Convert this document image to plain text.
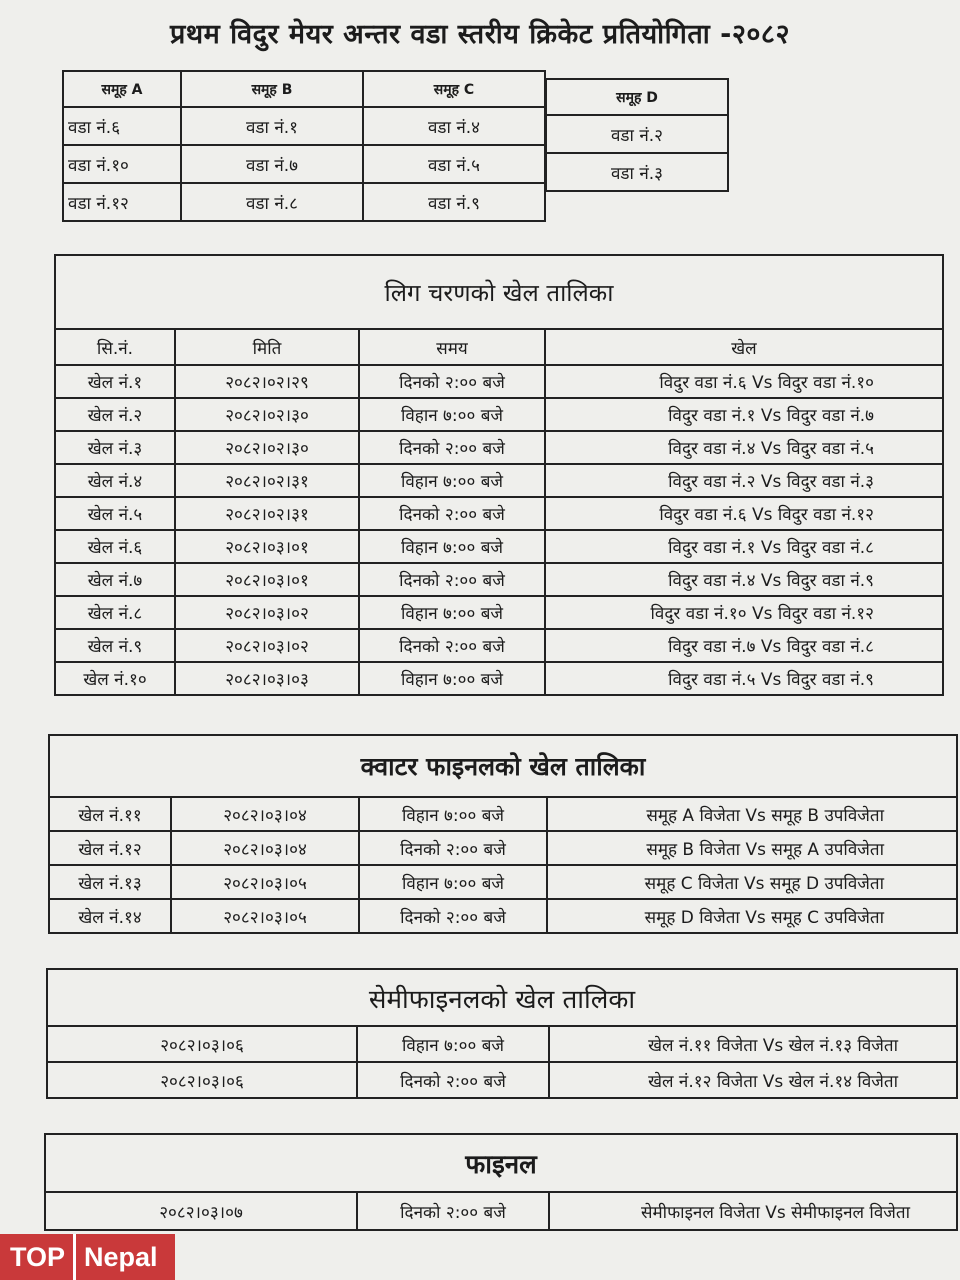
प्रथम विदुर मेयर अन्तर वडा स्तरीय क्रिकेट प्रतियोगिता -२०८२
समूह A	समूह B	समूह C
वडा नं.६	वडा नं.१	वडा नं.४
वडा नं.१०	वडा नं.७	वडा नं.५
वडा नं.१२	वडा नं.८	वडा नं.९
समूह D
वडा नं.२
वडा नं.३
लिग चरणको खेल तालिका			
सि.नं.	मिति	समय	खेल
खेल नं.१	२०८२।०२।२९	दिनको २:०० बजे	विदुर वडा नं.६ Vs विदुर वडा नं.१०
खेल नं.२	२०८२।०२।३०	विहान ७:०० बजे	विदुर वडा नं.१ Vs विदुर वडा नं.७
खेल नं.३	२०८२।०२।३०	दिनको २:०० बजे	विदुर वडा नं.४ Vs विदुर वडा नं.५
खेल नं.४	२०८२।०२।३१	विहान ७:०० बजे	विदुर वडा नं.२ Vs विदुर वडा नं.३
खेल नं.५	२०८२।०२।३१	दिनको २:०० बजे	विदुर वडा नं.६ Vs विदुर वडा नं.१२
खेल नं.६	२०८२।०३।०१	विहान ७:०० बजे	विदुर वडा नं.१ Vs विदुर वडा नं.८
खेल नं.७	२०८२।०३।०१	दिनको २:०० बजे	विदुर वडा नं.४ Vs विदुर वडा नं.९
खेल नं.८	२०८२।०३।०२	विहान ७:०० बजे	विदुर वडा नं.१० Vs विदुर वडा नं.१२
खेल नं.९	२०८२।०३।०२	दिनको २:०० बजे	विदुर वडा नं.७ Vs विदुर वडा नं.८
खेल नं.१०	२०८२।०३।०३	विहान ७:०० बजे	विदुर वडा नं.५ Vs विदुर वडा नं.९
क्वाटर फाइनलको खेल तालिका			

खेल नं.११	२०८२।०३।०४	विहान ७:०० बजे	समूह A विजेता Vs समूह B उपविजेता
खेल नं.१२	२०८२।०३।०४	दिनको २:०० बजे	समूह B विजेता Vs समूह A उपविजेता
खेल नं.१३	२०८२।०३।०५	विहान ७:०० बजे	समूह C विजेता Vs समूह D उपविजेता
खेल नं.१४	२०८२।०३।०५	दिनको २:०० बजे	समूह D विजेता Vs समूह C उपविजेता
सेमीफाइनलको खेल तालिका		

२०८२।०३।०६	विहान ७:०० बजे	खेल नं.११ विजेता Vs खेल नं.१३ विजेता
२०८२।०३।०६	दिनको २:०० बजे	खेल नं.१२ विजेता Vs खेल नं.१४ विजेता
फाइनल

२०८२।०३।०७	दिनको २:०० बजे	सेमीफाइनल विजेता Vs सेमीफाइनल विजेता
TOP Nepal
